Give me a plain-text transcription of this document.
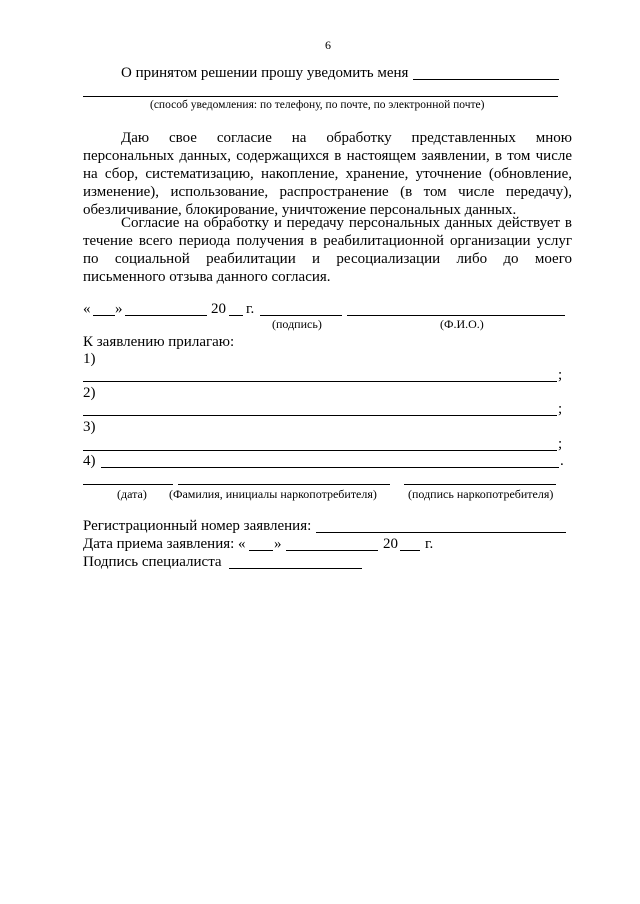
6
О принятом решении прошу уведомить меня
(способ уведомления: по телефону, по почте, по электронной почте)
Даю свое согласие на обработку представленных мною
персональных данных, содержащихся в настоящем заявлении, в том числе
на сбор, систематизацию, накопление, хранение, уточнение (обновление,
изменение), использование, распространение (в том числе передачу),
обезличивание, блокирование, уничтожение персональных данных.
Согласие на обработку и передачу персональных данных действует в
течение всего периода получения в реабилитационной организации услуг
по социальной реабилитации и ресоциализации либо до моего
письменного отзыва данного согласия.
« »	20 г.
(подпись)	(Ф.И.О.)
К заявлению прилагаю:
1)
;
2)
;
3)
;
4)	.
(дата) (Фамилия, инициалы наркопотребителя)	(подпись наркопотребителя)
Регистрационный номер заявления:
Дата приема заявления: « »	20 г.
Подпись специалиста
